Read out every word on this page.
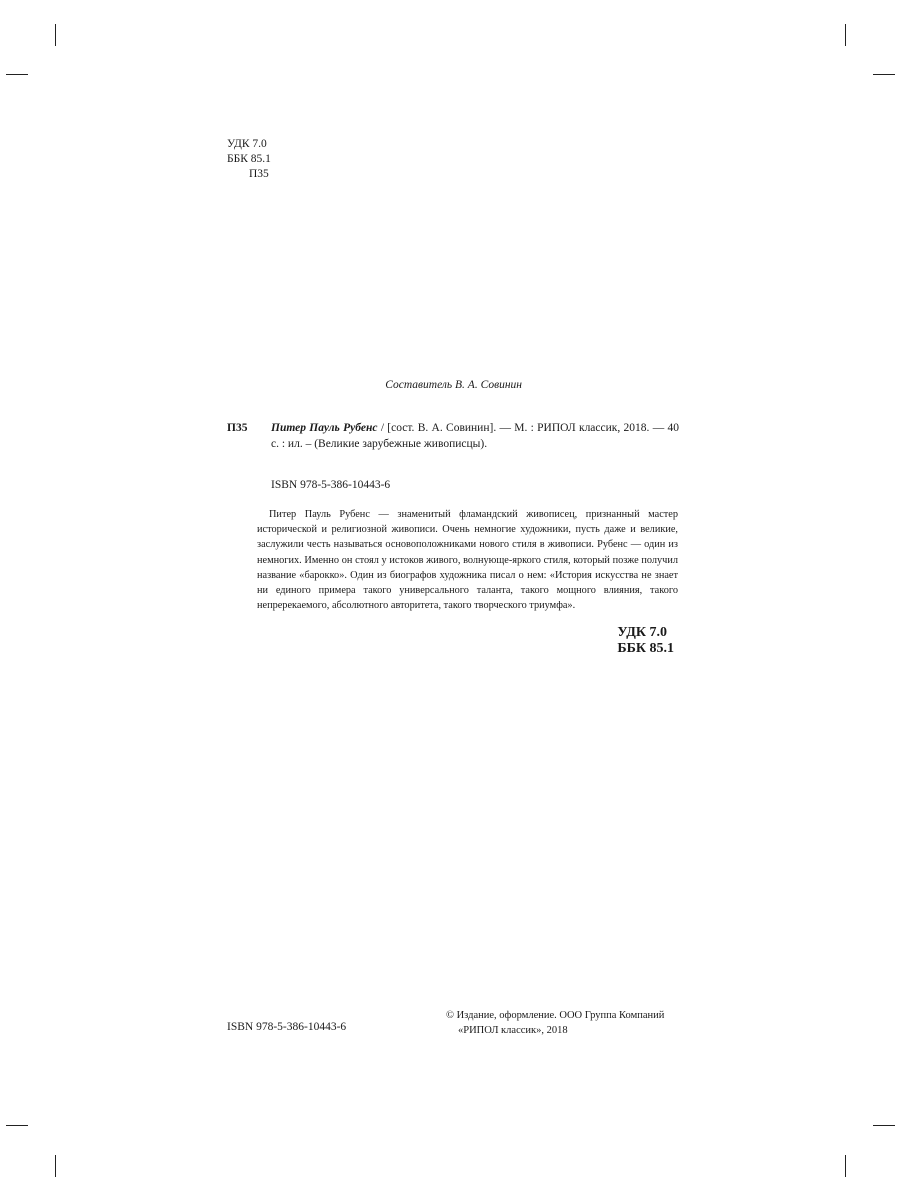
УДК 7.0
ББК 85.1
П35
Составитель В. А. Совинин
П35	Питер Пауль Рубенс / [сост. В. А. Совинин]. — М. : РИПОЛ классик, 2018. — 40 с. : ил. – (Великие зарубежные живописцы).
ISBN 978-5-386-10443-6
Питер Пауль Рубенс — знаменитый фламандский живописец, признанный мастер исторической и религиозной живописи. Очень немногие художники, пусть даже и великие, заслужили честь называться основоположниками нового стиля в живописи. Рубенс — один из немногих. Именно он стоял у истоков живого, волнующе-яркого стиля, который позже получил название «барокко». Один из биографов художника писал о нем: «История искусства не знает ни единого примера такого универсального таланта, такого мощного влияния, такого непререкаемого, абсолютного авторитета, такого творческого триумфа».
УДК 7.0
ББК 85.1
ISBN 978-5-386-10443-6
© Издание, оформление. ООО Группа Компаний
«РИПОЛ классик», 2018
